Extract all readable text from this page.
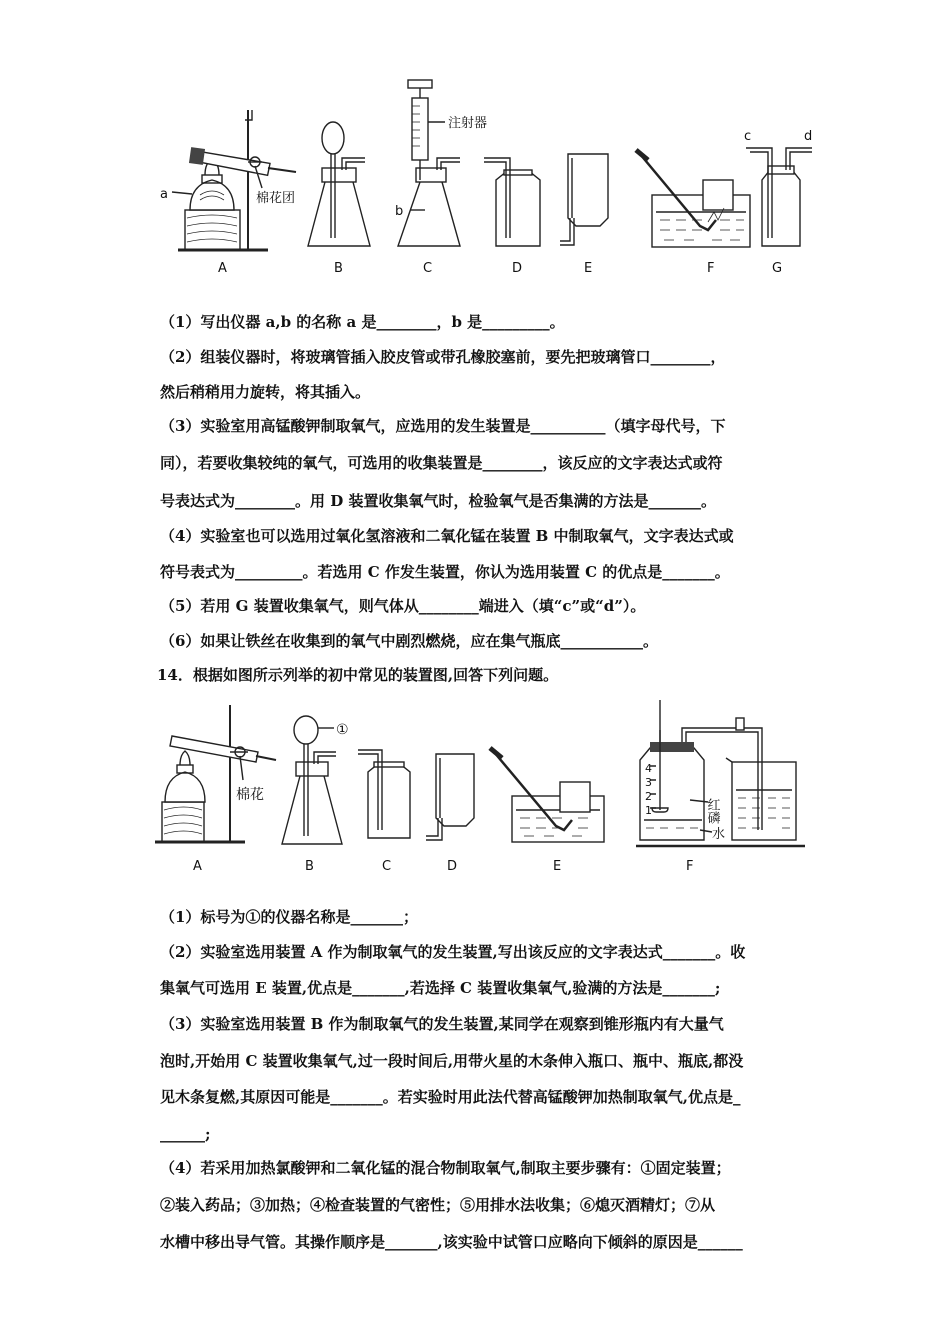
a	棉花团
注射器
b
c	d
A	B	C	D	E	F	G
（1）写出仪器 a,b 的名称 a 是________，b 是_________。
（2）组装仪器时，将玻璃管插入胶皮管或带孔橡胶塞前，要先把玻璃管口________，
然后稍稍用力旋转，将其插入。
（3）实验室用高锰酸钾制取氧气，应选用的发生装置是__________（填字母代号，下
同），若要收集较纯的氧气，可选用的收集装置是________，该反应的文字表达式或符
号表达式为________。用 D 装置收集氧气时，检验氧气是否集满的方法是_______。
（4）实验室也可以选用过氧化氢溶液和二氧化锰在装置 B 中制取氧气，文字表达式或
符号表式为_________。若选用 C 作发生装置，你认为选用装置 C 的优点是_______。
（5）若用 G 装置收集氧气，则气体从________端进入（填“c”或“d”）。
（6）如果让铁丝在收集到的氧气中剧烈燃烧，应在集气瓶底___________。
14．根据如图所示列举的初中常见的装置图,回答下列问题。
棉花
①
4
3
2
1	红磷
水
A	B	C	D	E	F
（1）标号为①的仪器名称是_______；
（2）实验室选用装置 A 作为制取氧气的发生装置,写出该反应的文字表达式_______。收
集氧气可选用 E 装置,优点是_______,若选择 C 装置收集氧气,验满的方法是_______;
（3）实验室选用装置 B 作为制取氧气的发生装置,某同学在观察到锥形瓶内有大量气
泡时,开始用 C 装置收集氧气,过一段时间后,用带火星的木条伸入瓶口、瓶中、瓶底,都没
见木条复燃,其原因可能是_______。若实验时用此法代替高锰酸钾加热制取氧气,优点是_
______;
（4）若采用加热氯酸钾和二氧化锰的混合物制取氧气,制取主要步骤有：①固定装置；
②装入药品；③加热；④检查装置的气密性；⑤用排水法收集；⑥熄灭酒精灯；⑦从
水槽中移出导气管。其操作顺序是_______,该实验中试管口应略向下倾斜的原因是______
